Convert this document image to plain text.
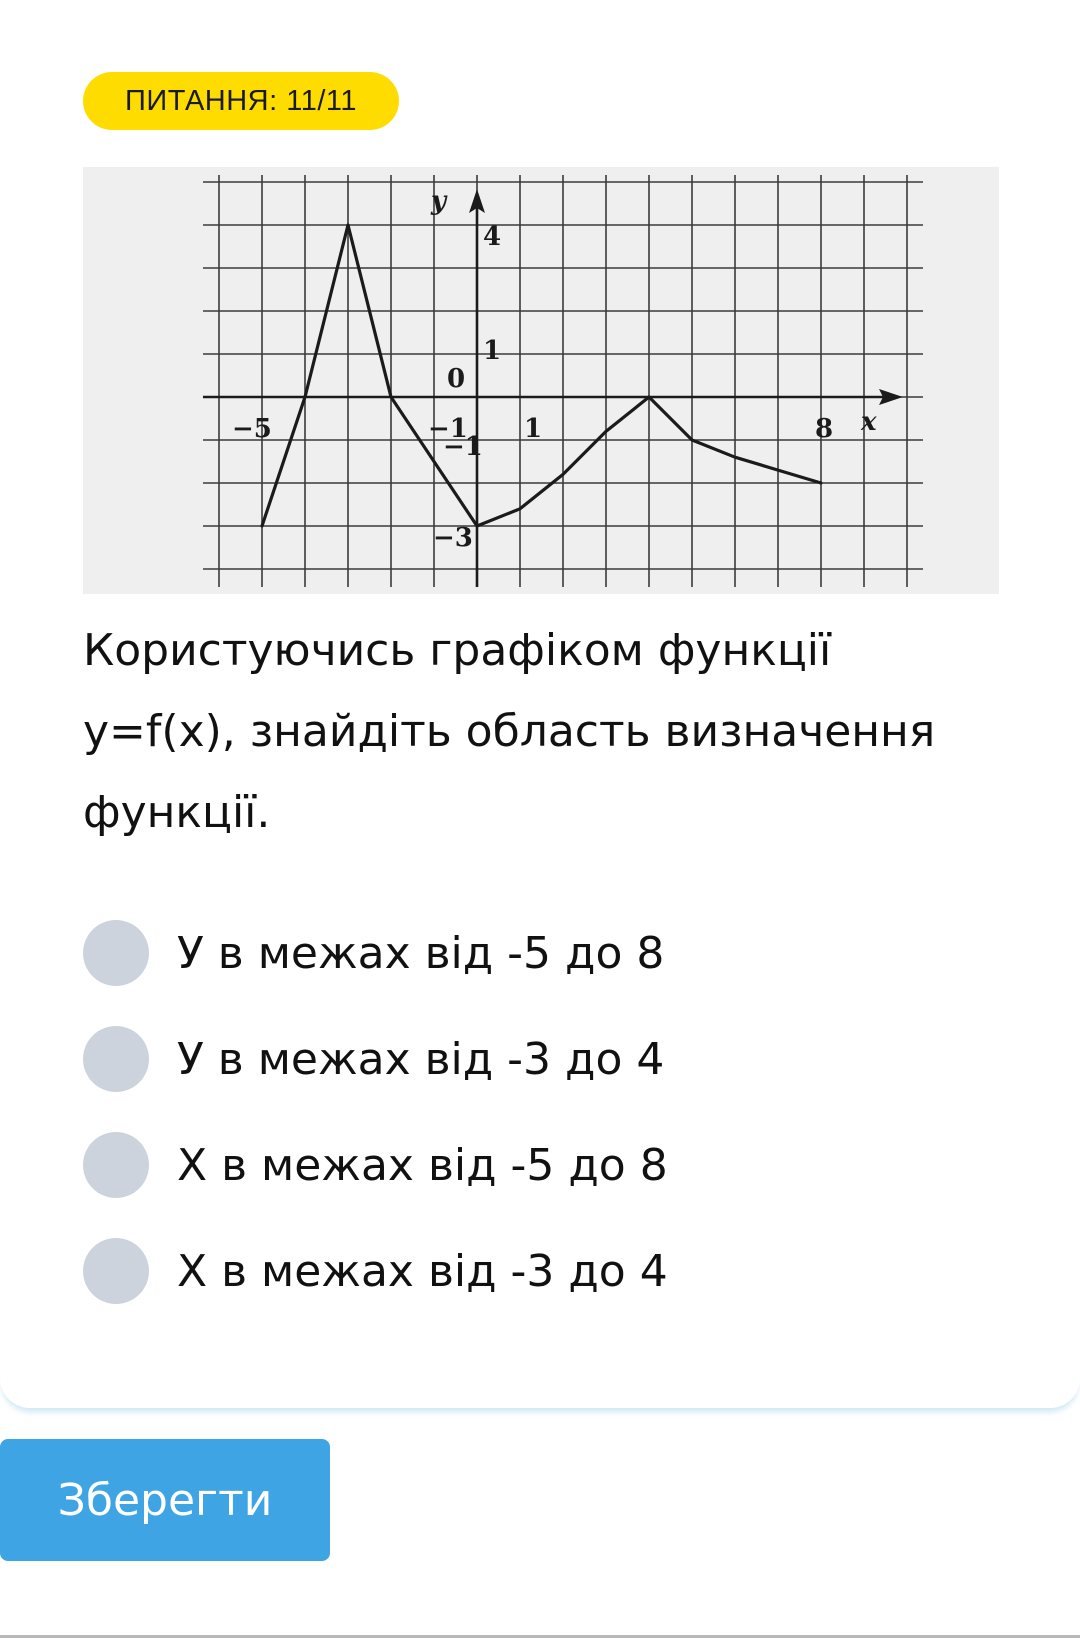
ПИТАННЯ: 11/11
x
y
−5	−1 1	8
4
1
0
−1
−3
Користуючись графіком функції y=f(x), знайдіть область визначення функції.
У в межах від -5 до 8
У в межах від -3 до 4
Х в межах від -5 до 8
Х в межах від -3 до 4
Зберегти
